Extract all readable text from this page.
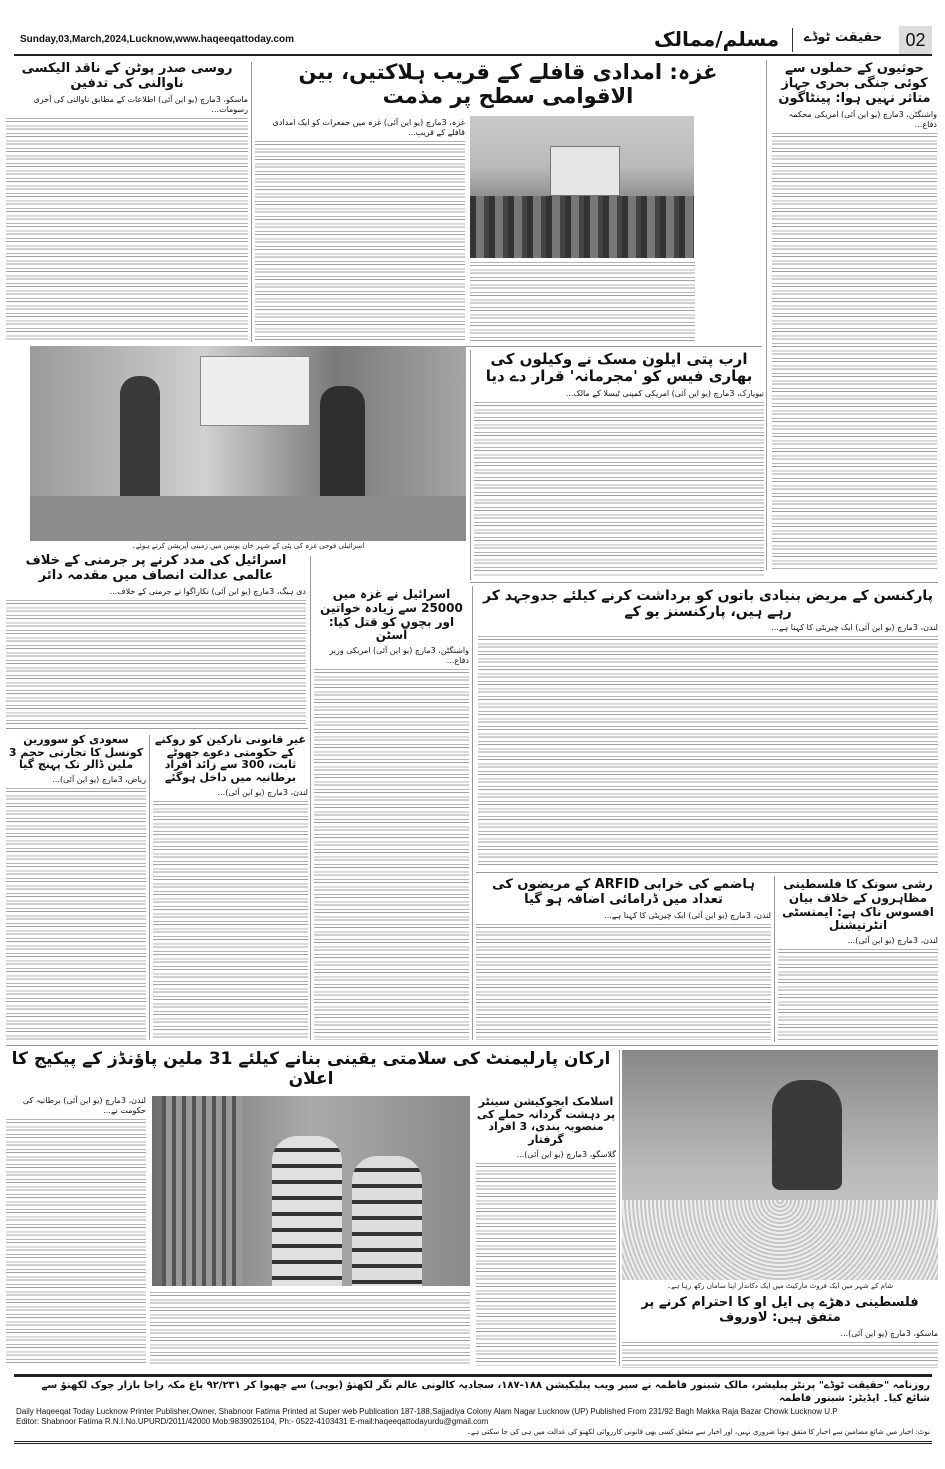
Sunday,03,March,2024,Lucknow,www.haqeeqattoday.com	مسلم/ممالک حقیقت ٹوڈے	02
حوثیوں کے حملوں سے کوئی جنگی بحری جہاز متاثر نہیں ہوا: پینٹاگون
واشنگٹن، 3مارچ (یو این آئی) امریکی محکمہ دفاع...
غزہ: امدادی قافلے کے قریب ہلاکتیں، بین الاقوامی سطح پر مذمت
غزہ، 3مارچ (یو این آئی) غزہ میں جمعرات کو ایک امدادی قافلے کے قریب...
روسی صدر پوٹن کے ناقد الیکسی ناوالنی کی تدفین
ماسکو، 3مارچ (یو این آئی) اطلاعات کے مطابق ناوالنی کی آخری رسومات...
اسرائیلی فوجی غزہ کی پٹی کے شہر خان یونس میں زمینی آپریشن کرتے ہوئے۔
ارب پتی ایلون مسک نے وکیلوں کی بھاری فیس کو 'مجرمانہ' قرار دے دیا
نیویارک، 3مارچ (یو این آئی) امریکی کمپنی ٹیسلا کے مالک...
اسرائیل کی مدد کرنے پر جرمنی کے خلاف عالمی عدالت انصاف میں مقدمہ دائر
دی ہیگ، 3مارچ (یو این آئی) نکاراگوا نے جرمنی کے خلاف...	اسرائیل نے غزہ میں 25000 سے زیادہ خواتین اور بچوں کو قتل کیا: آسٹن
واشنگٹن، 3مارچ (یو این آئی) امریکی وزیر دفاع...
پارکنسن کے مریض بنیادی باتوں کو برداشت کرنے کیلئے جدوجہد کر رہے ہیں، پارکنسنز یو کے
لندن، 3مارچ (یو این آئی) ایک چیریٹی کا کہنا ہے...
سعودی کو سوورین کونسل کا تجارتی حجم 3 ملین ڈالر تک پہنچ گیا
ریاض، 3مارچ (یو این آئی)...
غیر قانونی تارکین کو روکنے کے حکومتی دعوے جھوٹے ثابت، 300 سے زائد افراد برطانیہ میں داخل ہوگئے
لندن، 3مارچ (یو این آئی)...
ہاضمے کی خرابی ARFID کے مریضوں کی تعداد میں ڈرامائی اضافہ ہو گیا
لندن، 3مارچ (یو این آئی) ایک چیریٹی کا کہنا ہے...
رشی سونک کا فلسطینی مظاہروں کے خلاف بیان افسوس ناک ہے: ایمنسٹی انٹرنیشنل
لندن، 3مارچ (یو این آئی)...
ارکان پارلیمنٹ کی سلامتی یقینی بنانے کیلئے 31 ملین پاؤنڈز کے پیکیج کا اعلان
لندن، 3مارچ (یو این آئی) برطانیہ کی حکومت نے...
اسلامک ایجوکیشن سینٹر پر دہشت گردانہ حملے کی منصوبہ بندی، 3 افراد گرفتار
گلاسگو، 3مارچ (یو این آئی)...
شام کے شہر میں ایک فروٹ مارکیٹ میں ایک دکاندار اپنا سامان رکھ رہا ہے۔
فلسطینی دھڑے پی ایل او کا احترام کرنے پر متفق ہیں: لاوروف
ماسکو، 3مارچ (یو این آئی)...
روزنامہ "حقیقت ٹوڈے" پرنٹر پبلیشر، مالک شبنور فاطمہ نے سپر ویب پبلیکیشن ۱۸۸-۱۸۷، سجادیہ کالونی عالم نگر لکھنؤ (یوپی) سے چھپوا کر ۹۲/۲۳۱ باغ مکہ راجا بازار چوک لکھنؤ سے شائع کیا۔ ایڈیٹر: شبنور فاطمہ
Daily Haqeeqat Today Lucknow Printer Publisher,Owner, Shabnoor Fatima Printed at Super web Publication 187-188,Sajjadiya Colony Alam Nagar Lucknow (UP) Published From 231/92 Bagh Makka Raja Bazar Chowk Lucknow U.P
Editor: Shabnoor Fatima R.N.I.No.UPURD/2011/42000 Mob:9839025104, Ph:- 0522-4103431 E-mail:haqeeqattodayurdu@gmail.com
نوٹ: اخبار میں شائع مضامین سے اخبار کا متفق ہونا ضروری نہیں، اور اخبار سے متعلق کسی بھی قانونی کارروائی لکھنؤ کی عدالت میں ہی کی جا سکتی ہے۔
